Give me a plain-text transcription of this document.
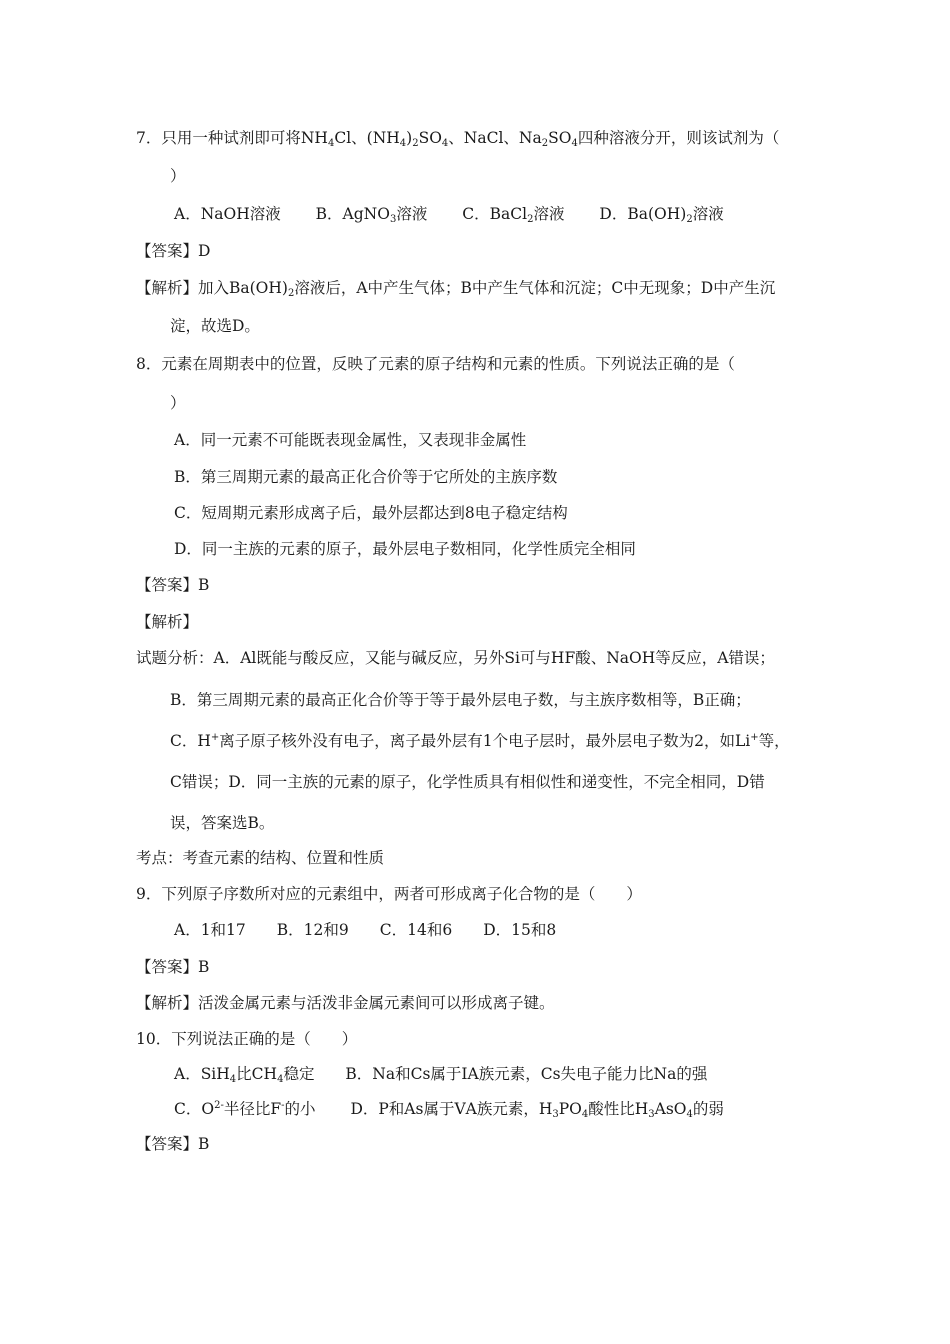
7．只用一种试剂即可将$NH_4Cl$、$(NH_4)_2SO_4$、NaCl、$Na_2SO_4$四种溶液分开，则该试剂为（
）
A．NaOH溶液 B．AgNO$_3$溶液 C．BaCl$_2$溶液 D．$Ba(OH)_2$溶液
【答案】D
【解析】加入$Ba(OH)_2$溶液后，A中产生气体；B中产生气体和沉淀；C中无现象；D中产生沉
淀，故选D。
8．元素在周期表中的位置，反映了元素的原子结构和元素的性质。下列说法正确的是（
）
A．同一元素不可能既表现金属性，又表现非金属性
B．第三周期元素的最高正化合价等于它所处的主族序数
C．短周期元素形成离子后，最外层都达到8电子稳定结构
D．同一主族的元素的原子，最外层电子数相同，化学性质完全相同
【答案】B
【解析】
试题分析：A．Al既能与酸反应，又能与碱反应，另外Si可与HF酸、NaOH等反应，A错误；
B．第三周期元素的最高正化合价等于等于最外层电子数，与主族序数相等，B正确；
C．H+离子原子核外没有电子，离子最外层有1个电子层时，最外层电子数为2，如Li+等，
C错误；D．同一主族的元素的原子，化学性质具有相似性和递变性，不完全相同，D错
误，答案选B。
考点：考查元素的结构、位置和性质
9．下列原子序数所对应的元素组中，两者可形成离子化合物的是（　　）
A．1和17　　B．12和9　　C．14和6　　D．15和8
【答案】B
【解析】活泼金属元素与活泼非金属元素间可以形成离子键。
10．下列说法正确的是（　　）
A．SiH$_4$比$CH_4$稳定 B．Na和Cs属于ⅠA族元素，Cs失电子能力比Na的强
C．$O^{2-}$半径比F-的小 D．P和As属于ⅤA族元素，$H_3PO_4$酸性比$H_3AsO_4$的弱
【答案】B
